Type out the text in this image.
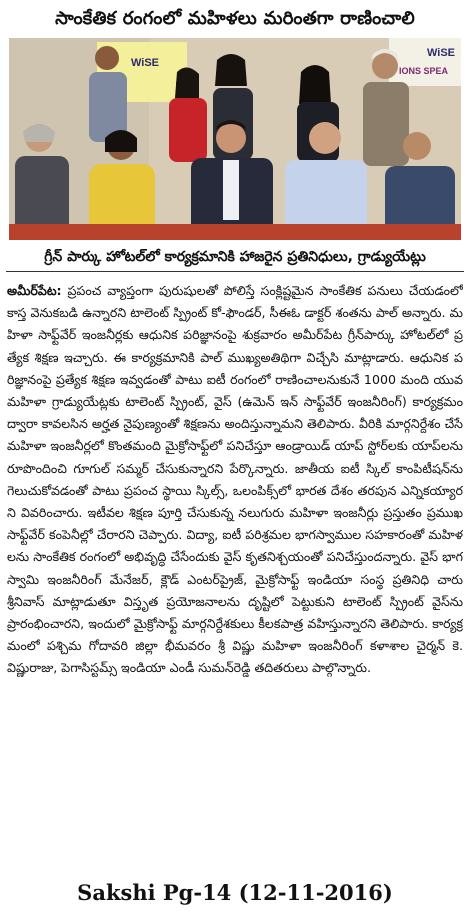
సాంకేతిక రంగంలో మహిళలు మరింతగా రాణించాలి
WiSE
WiSE
IONS SPEA
గ్రీన్ పార్కు హోటల్‌లో కార్యక్రమానికి హాజరైన ప్రతినిధులు, గ్రాడ్యుయేట్లు
అమీర్‌పేట: ప్రపంచ వ్యాప్తంగా పురుషులతో పోలిస్తే సంక్లిష్టమైన సాంకేతిక పనులు చేయడంలో కాస్త వెనుకబడి ఉన్నారని టాలెంట్ స్ప్రింట్ కో-ఫౌండర్, సీఈఓ డాక్టర్ శంతను పాల్ అన్నారు. మహిళా సాఫ్ట్‌వేర్ ఇంజనీర్లకు ఆధునిక పరిజ్ఞానంపై శుక్రవారం అమీర్‌పేట గ్రీన్‌పార్కు హోటల్‌లో ప్రత్యేక శిక్షణ ఇచ్చారు. ఈ కార్యక్రమానికి పాల్ ముఖ్యఅతిథిగా విచ్చేసి మాట్లాడారు. ఆధునిక పరిజ్ఞానంపై ప్రత్యేక శిక్షణ ఇవ్వడంతో పాటు ఐటీ రంగంలో రాణించాలనుకునే 1000 మంది యువ మహిళా గ్రాడ్యుయేట్లకు టాలెంట్ స్ప్రింట్, వైస్ (ఉమెన్ ఇన్ సాఫ్ట్‌వేర్ ఇంజనీరింగ్) కార్యక్రమం ద్వారా కావలసిన అర్హత నైపుణ్యంతో శిక్షణను అందిస్తున్నామని తెలిపారు. వీరికి మార్గనిర్దేశం చేసే మహిళా ఇంజనీర్లలో కొంతమంది మైక్రోసాఫ్ట్‌లో పనిచేస్తూ ఆండ్రాయిడ్ యాప్ స్టోర్‌లకు యాప్‌లను రూపొందించి గూగుల్ సమ్మర్ చేసుకున్నారని పేర్కొన్నారు. జాతీయ ఐటీ స్కిల్ కాంపిటీషన్‌ను గెలుచుకోవడంతో పాటు ప్రపంచ స్థాయి స్కిల్స్, ఒలంపిక్స్‌లో భారత దేశం తరపున ఎన్నికయ్యారని వివరించారు. ఇటీవల శిక్షణ పూర్తి చేసుకున్న నలుగురు మహిళా ఇంజనీర్లు ప్రస్తుతం ప్రముఖ సాఫ్ట్‌వేర్ కంపెనీల్లో చేరారని చెప్పారు. విద్యా, ఐటీ పరిశ్రమల భాగస్వాముల సహకారంతో మహిళలను సాంకేతిక రంగంలో అభివృద్ధి చేసేందుకు వైస్ కృతనిశ్చయంతో పనిచేస్తుందన్నారు. వైస్ భాగస్వామి ఇంజనీరింగ్ మేనేజర్, క్లౌడ్ ఎంటర్‌ప్రైజ్, మైక్రోసాఫ్ట్ ఇండియా సంస్థ ప్రతినిధి చారు శ్రీనివాస్ మాట్లాడుతూ విస్తృత ప్రయోజనాలను దృష్టిలో పెట్టుకుని టాలెంట్ స్ప్రింట్ వైస్‌ను ప్రారంభించారని, ఇందులో మైక్రోసాఫ్ట్ మార్గనిర్దేశకులు కీలకపాత్ర వహిస్తున్నారని తెలిపారు. కార్యక్రమంలో పశ్చిమ గోదావరి జిల్లా భీమవరం శ్రీ విష్ణు మహిళా ఇంజనీరింగ్ కళాశాల చైర్మన్ కె.విష్ణురాజు, పెగాసిస్టమ్స్ ఇండియా ఎండీ సుమన్‌రెడ్డి తదితరులు పాల్గొన్నారు.
Sakshi Pg-14 (12-11-2016)
